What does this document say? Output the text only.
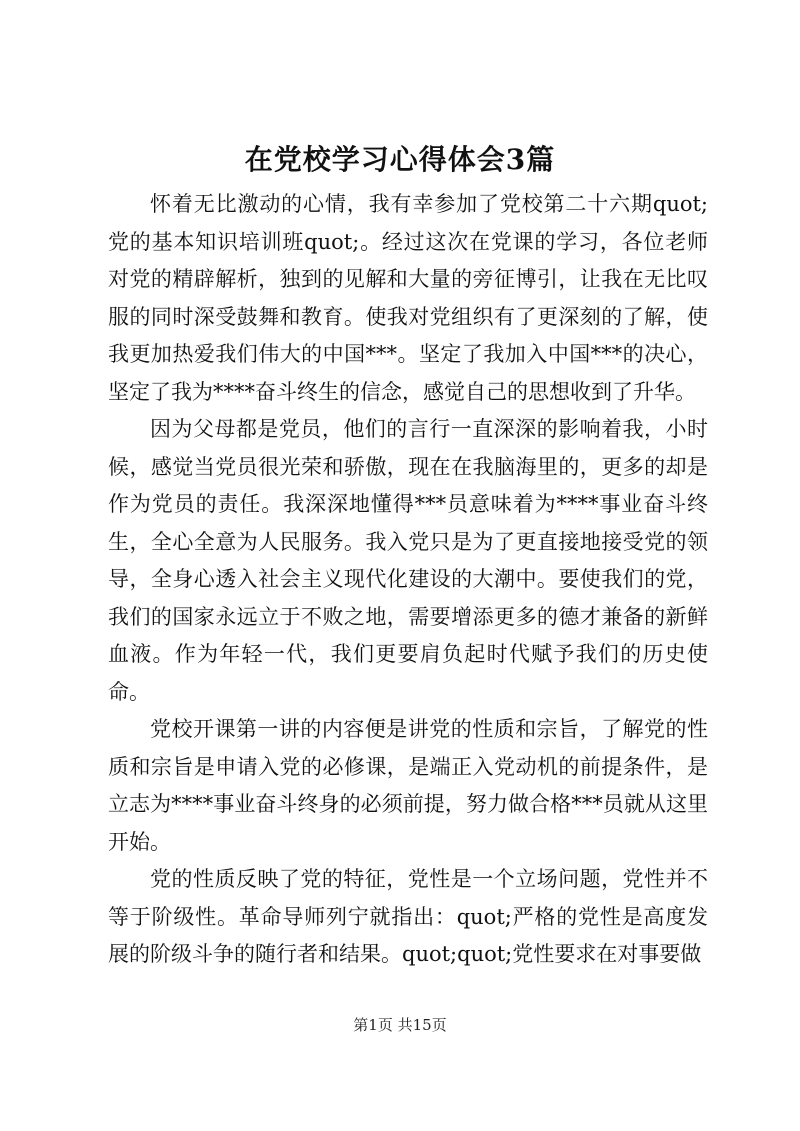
在党校学习心得体会3篇

怀着无比激动的心情，我有幸参加了党校第二十六期quot;党的基本知识培训班quot;。经过这次在党课的学习，各位老师对党的精辟解析，独到的见解和大量的旁征博引，让我在无比叹服的同时深受鼓舞和教育。使我对党组织有了更深刻的了解，使我更加热爱我们伟大的中国***。坚定了我加入中国***的决心，坚定了我为****奋斗终生的信念，感觉自己的思想收到了升华。

因为父母都是党员，他们的言行一直深深的影响着我，小时候，感觉当党员很光荣和骄傲，现在在我脑海里的，更多的却是作为党员的责任。我深深地懂得***员意味着为****事业奋斗终生，全心全意为人民服务。我入党只是为了更直接地接受党的领导，全身心透入社会主义现代化建设的大潮中。要使我们的党，我们的国家永远立于不败之地，需要增添更多的德才兼备的新鲜血液。作为年轻一代，我们更要肩负起时代赋予我们的历史使命。

党校开课第一讲的内容便是讲党的性质和宗旨，了解党的性质和宗旨是申请入党的必修课，是端正入党动机的前提条件，是立志为****事业奋斗终身的必须前提，努力做合格***员就从这里开始。

党的性质反映了党的特征，党性是一个立场问题，党性并不等于阶级性。革命导师列宁就指出：quot;严格的党性是高度发展的阶级斗争的随行者和结果。quot;quot;党性要求在对事要做

第1页 共15页
